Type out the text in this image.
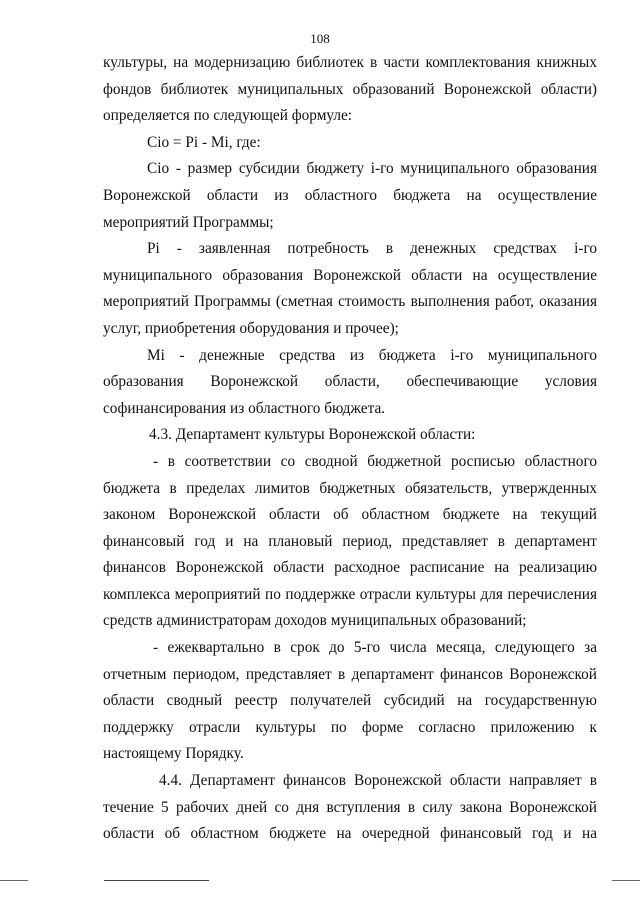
108
культуры, на модернизацию библиотек в части комплектования книжных
фондов библиотек муниципальных образований Воронежской области)
определяется по следующей формуле:
Ciо = Pi - Mi, где:
Ciо - размер субсидии бюджету i-го муниципального образования
Воронежской области из областного бюджета на осуществление
мероприятий Программы;
Pi - заявленная потребность в денежных средствах i-го
муниципального образования Воронежской области на осуществление
мероприятий Программы (сметная стоимость выполнения работ, оказания
услуг, приобретения оборудования и прочее);
Mi - денежные средства из бюджета i-го муниципального
образования Воронежской области, обеспечивающие условия
софинансирования из областного бюджета.
4.3. Департамент культуры Воронежской области:
- в соответствии со сводной бюджетной росписью областного
бюджета в пределах лимитов бюджетных обязательств, утвержденных
законом Воронежской области об областном бюджете на текущий
финансовый год и на плановый период, представляет в департамент
финансов Воронежской области расходное расписание на реализацию
комплекса мероприятий по поддержке отрасли культуры для перечисления
средств администраторам доходов муниципальных образований;
- ежеквартально в срок до 5-го числа месяца, следующего за
отчетным периодом, представляет в департамент финансов Воронежской
области сводный реестр получателей субсидий на государственную
поддержку отрасли культуры по форме согласно приложению к
настоящему Порядку.
4.4. Департамент финансов Воронежской области направляет в
течение 5 рабочих дней со дня вступления в силу закона Воронежской
области об областном бюджете на очередной финансовый год и на
